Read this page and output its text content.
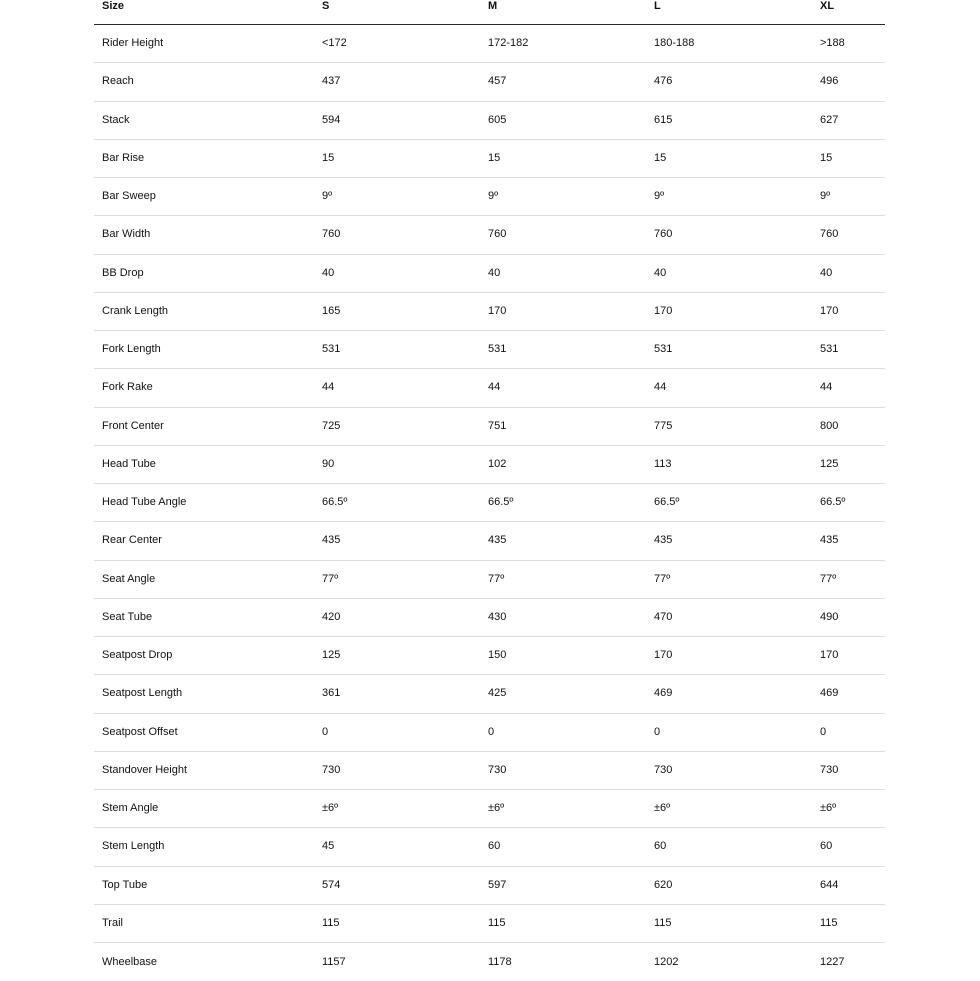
Size	S	M	L	XL
Rider Height	<172	172-182	180-188	>188
Reach	437	457	476	496
Stack	594	605	615	627
Bar Rise	15	15	15	15
Bar Sweep	9º	9º	9º	9º
Bar Width	760	760	760	760
BB Drop	40	40	40	40
Crank Length	165	170	170	170
Fork Length	531	531	531	531
Fork Rake	44	44	44	44
Front Center	725	751	775	800
Head Tube	90	102	113	125
Head Tube Angle	66.5º	66.5º	66.5º	66.5º
Rear Center	435	435	435	435
Seat Angle	77º	77º	77º	77º
Seat Tube	420	430	470	490
Seatpost Drop	125	150	170	170
Seatpost Length	361	425	469	469
Seatpost Offset	0	0	0	0
Standover Height	730	730	730	730
Stem Angle	±6º	±6º	±6º	±6º
Stem Length	45	60	60	60
Top Tube	574	597	620	644
Trail	115	115	115	115
Wheelbase	1157	1178	1202	1227
